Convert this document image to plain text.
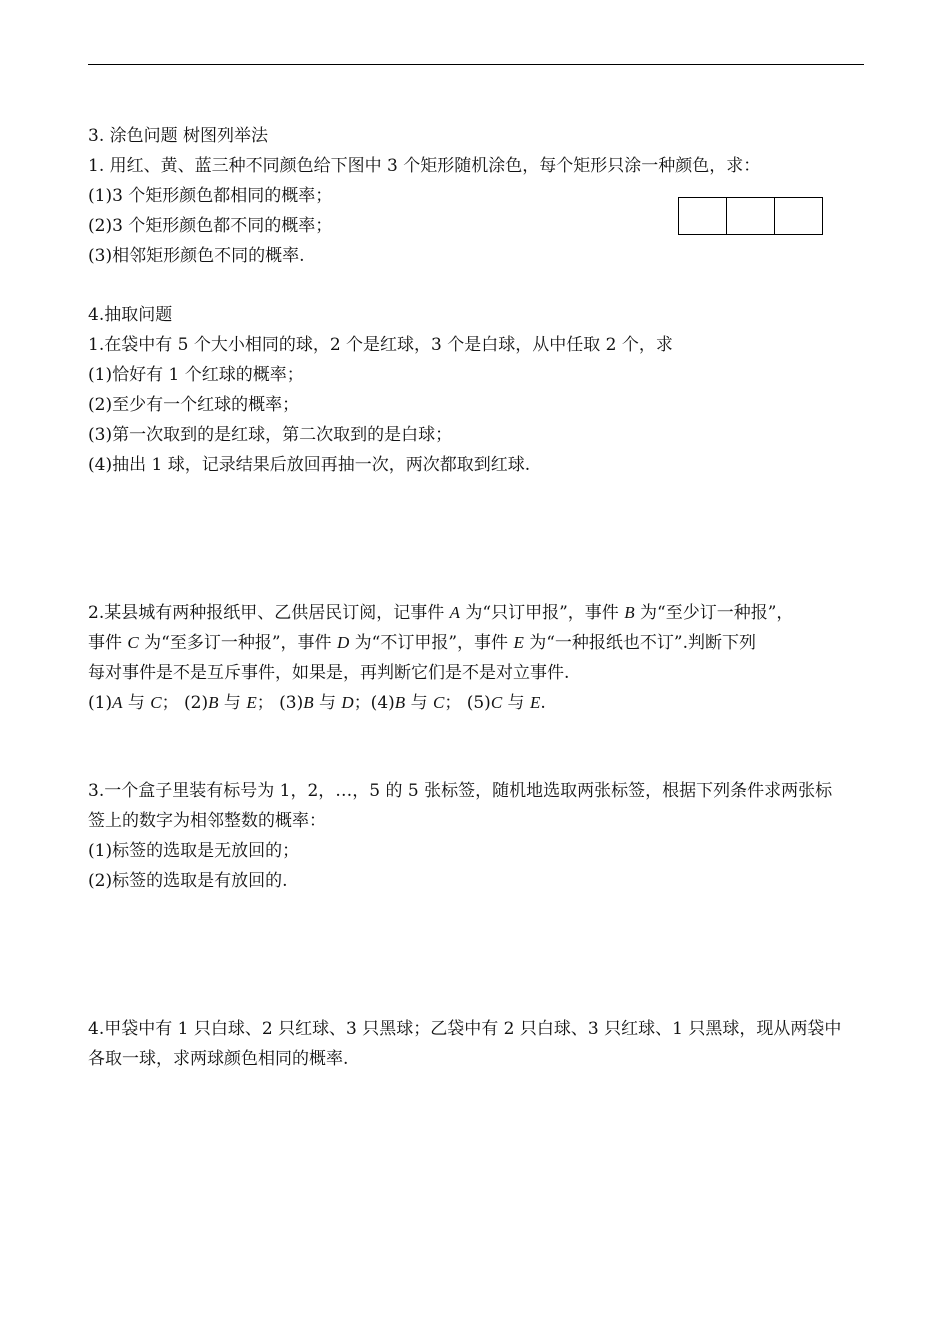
3. 涂色问题 树图列举法
1. 用红、黄、蓝三种不同颜色给下图中 3 个矩形随机涂色，每个矩形只涂一种颜色，求：
(1)3 个矩形颜色都相同的概率；
(2)3 个矩形颜色都不同的概率；
(3)相邻矩形颜色不同的概率.
4.抽取问题
1.在袋中有 5 个大小相同的球，2 个是红球，3 个是白球，从中任取 2 个，求
(1)恰好有 1 个红球的概率；
(2)至少有一个红球的概率；
(3)第一次取到的是红球，第二次取到的是白球；
(4)抽出 1 球，记录结果后放回再抽一次，两次都取到红球.
2.某县城有两种报纸甲、乙供居民订阅，记事件 A 为“只订甲报”，事件 B 为“至少订一种报”，
事件 C 为“至多订一种报”，事件 D 为“不订甲报”，事件 E 为“一种报纸也不订”.判断下列
每对事件是不是互斥事件，如果是，再判断它们是不是对立事件.
(1)A 与 C； (2)B 与 E； (3)B 与 D；(4)B 与 C； (5)C 与 E.
3.一个盒子里装有标号为 1，2，…，5 的 5 张标签，随机地选取两张标签，根据下列条件求两张标
签上的数字为相邻整数的概率：
(1)标签的选取是无放回的；
(2)标签的选取是有放回的.
4.甲袋中有 1 只白球、2 只红球、3 只黑球；乙袋中有 2 只白球、3 只红球、1 只黑球，现从两袋中
各取一球，求两球颜色相同的概率.
